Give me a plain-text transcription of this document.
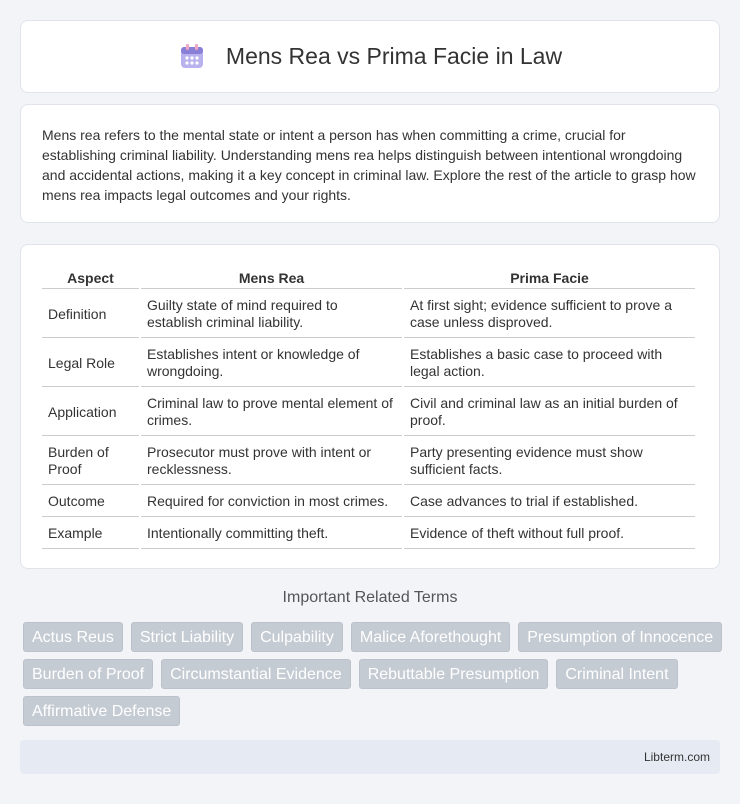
Mens Rea vs Prima Facie in Law

Mens rea refers to the mental state or intent a person has when committing a crime, crucial for establishing criminal liability. Understanding mens rea helps distinguish between intentional wrongdoing and accidental actions, making it a key concept in criminal law. Explore the rest of the article to grasp how mens rea impacts legal outcomes and your rights.

Aspect	Mens Rea	Prima Facie
Definition	Guilty state of mind required to establish criminal liability.	At first sight; evidence sufficient to prove a case unless disproved.
Legal Role	Establishes intent or knowledge of wrongdoing.	Establishes a basic case to proceed with legal action.
Application	Criminal law to prove mental element of crimes.	Civil and criminal law as an initial burden of proof.
Burden of Proof	Prosecutor must prove with intent or recklessness.	Party presenting evidence must show sufficient facts.
Outcome	Required for conviction in most crimes.	Case advances to trial if established.
Example	Intentionally committing theft.	Evidence of theft without full proof.
Important Related Terms
Actus Reus	Strict Liability	Culpability	Malice Aforethought	Presumption of Innocence
Burden of Proof	Circumstantial Evidence	Rebuttable Presumption	Criminal Intent
Affirmative Defense
Libterm.com
